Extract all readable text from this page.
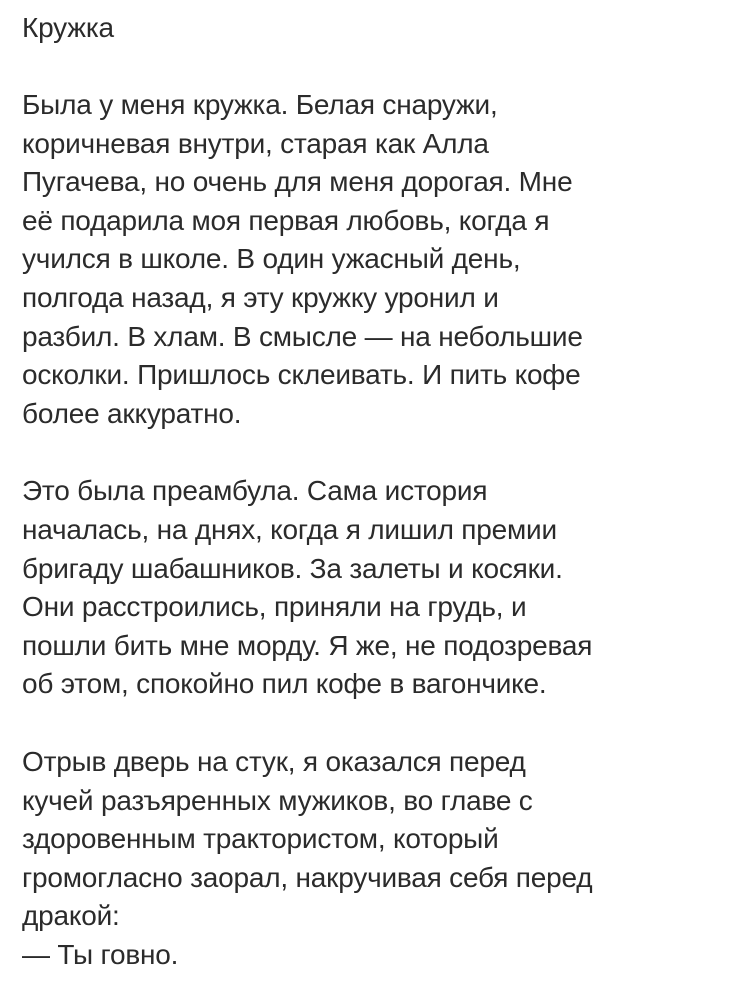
Кружка

Была у меня кружка. Белая снаружи,
коричневая внутри, старая как Алла
Пугачева, но очень для меня дорогая. Мне
её подарила моя первая любовь, когда я
учился в школе. В один ужасный день,
полгода назад, я эту кружку уронил и
разбил. В хлам. В смысле — на небольшие
осколки. Пришлось склеивать. И пить кофе
более аккуратно.

Это была преамбула. Сама история
началась, на днях, когда я лишил премии
бригаду шабашников. За залеты и косяки.
Они расстроились, приняли на грудь, и
пошли бить мне морду. Я же, не подозревая
об этом, спокойно пил кофе в вагончике.

Отрыв дверь на стук, я оказался перед
кучей разъяренных мужиков, во главе с
здоровенным трактористом, который
громогласно заорал, накручивая себя перед
дракой:
— Ты говно.
